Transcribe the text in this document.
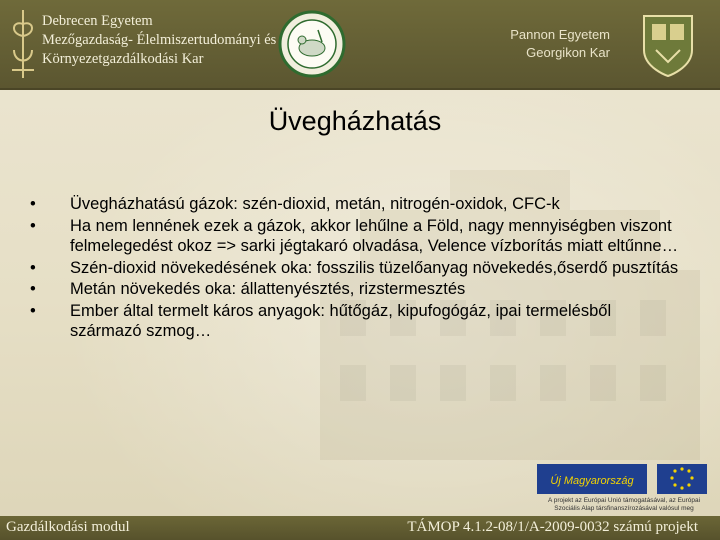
Debrecen Egyetem
Mezőgazdaság- Élelmiszertudományi és
Környezetgazdálkodási Kar
Pannon Egyetem
Georgikon Kar
Üvegházhatás
•	Üvegházhatású gázok: szén-dioxid, metán, nitrogén-oxidok, CFC-k
•	Ha nem lennének ezek a gázok, akkor lehűlne a Föld, nagy mennyiségben viszont felmelegedést okoz => sarki jégtakaró olvadása, Velence vízborítás miatt eltűnne…
•	Szén-dioxid növekedésének oka: fosszilis tüzelőanyag növekedés,őserdő pusztítás
•	Metán növekedés oka: állattenyésztés, rizstermesztés
•	Ember által termelt káros anyagok: hűtőgáz, kipufogógáz, ipai termelésből származó szmog…
Új Magyarország
A projekt az Európai Unió támogatásával, az Európai Szociális Alap társfinanszírozásával valósul meg
Gazdálkodási modul	TÁMOP 4.1.2-08/1/A-2009-0032 számú projekt
